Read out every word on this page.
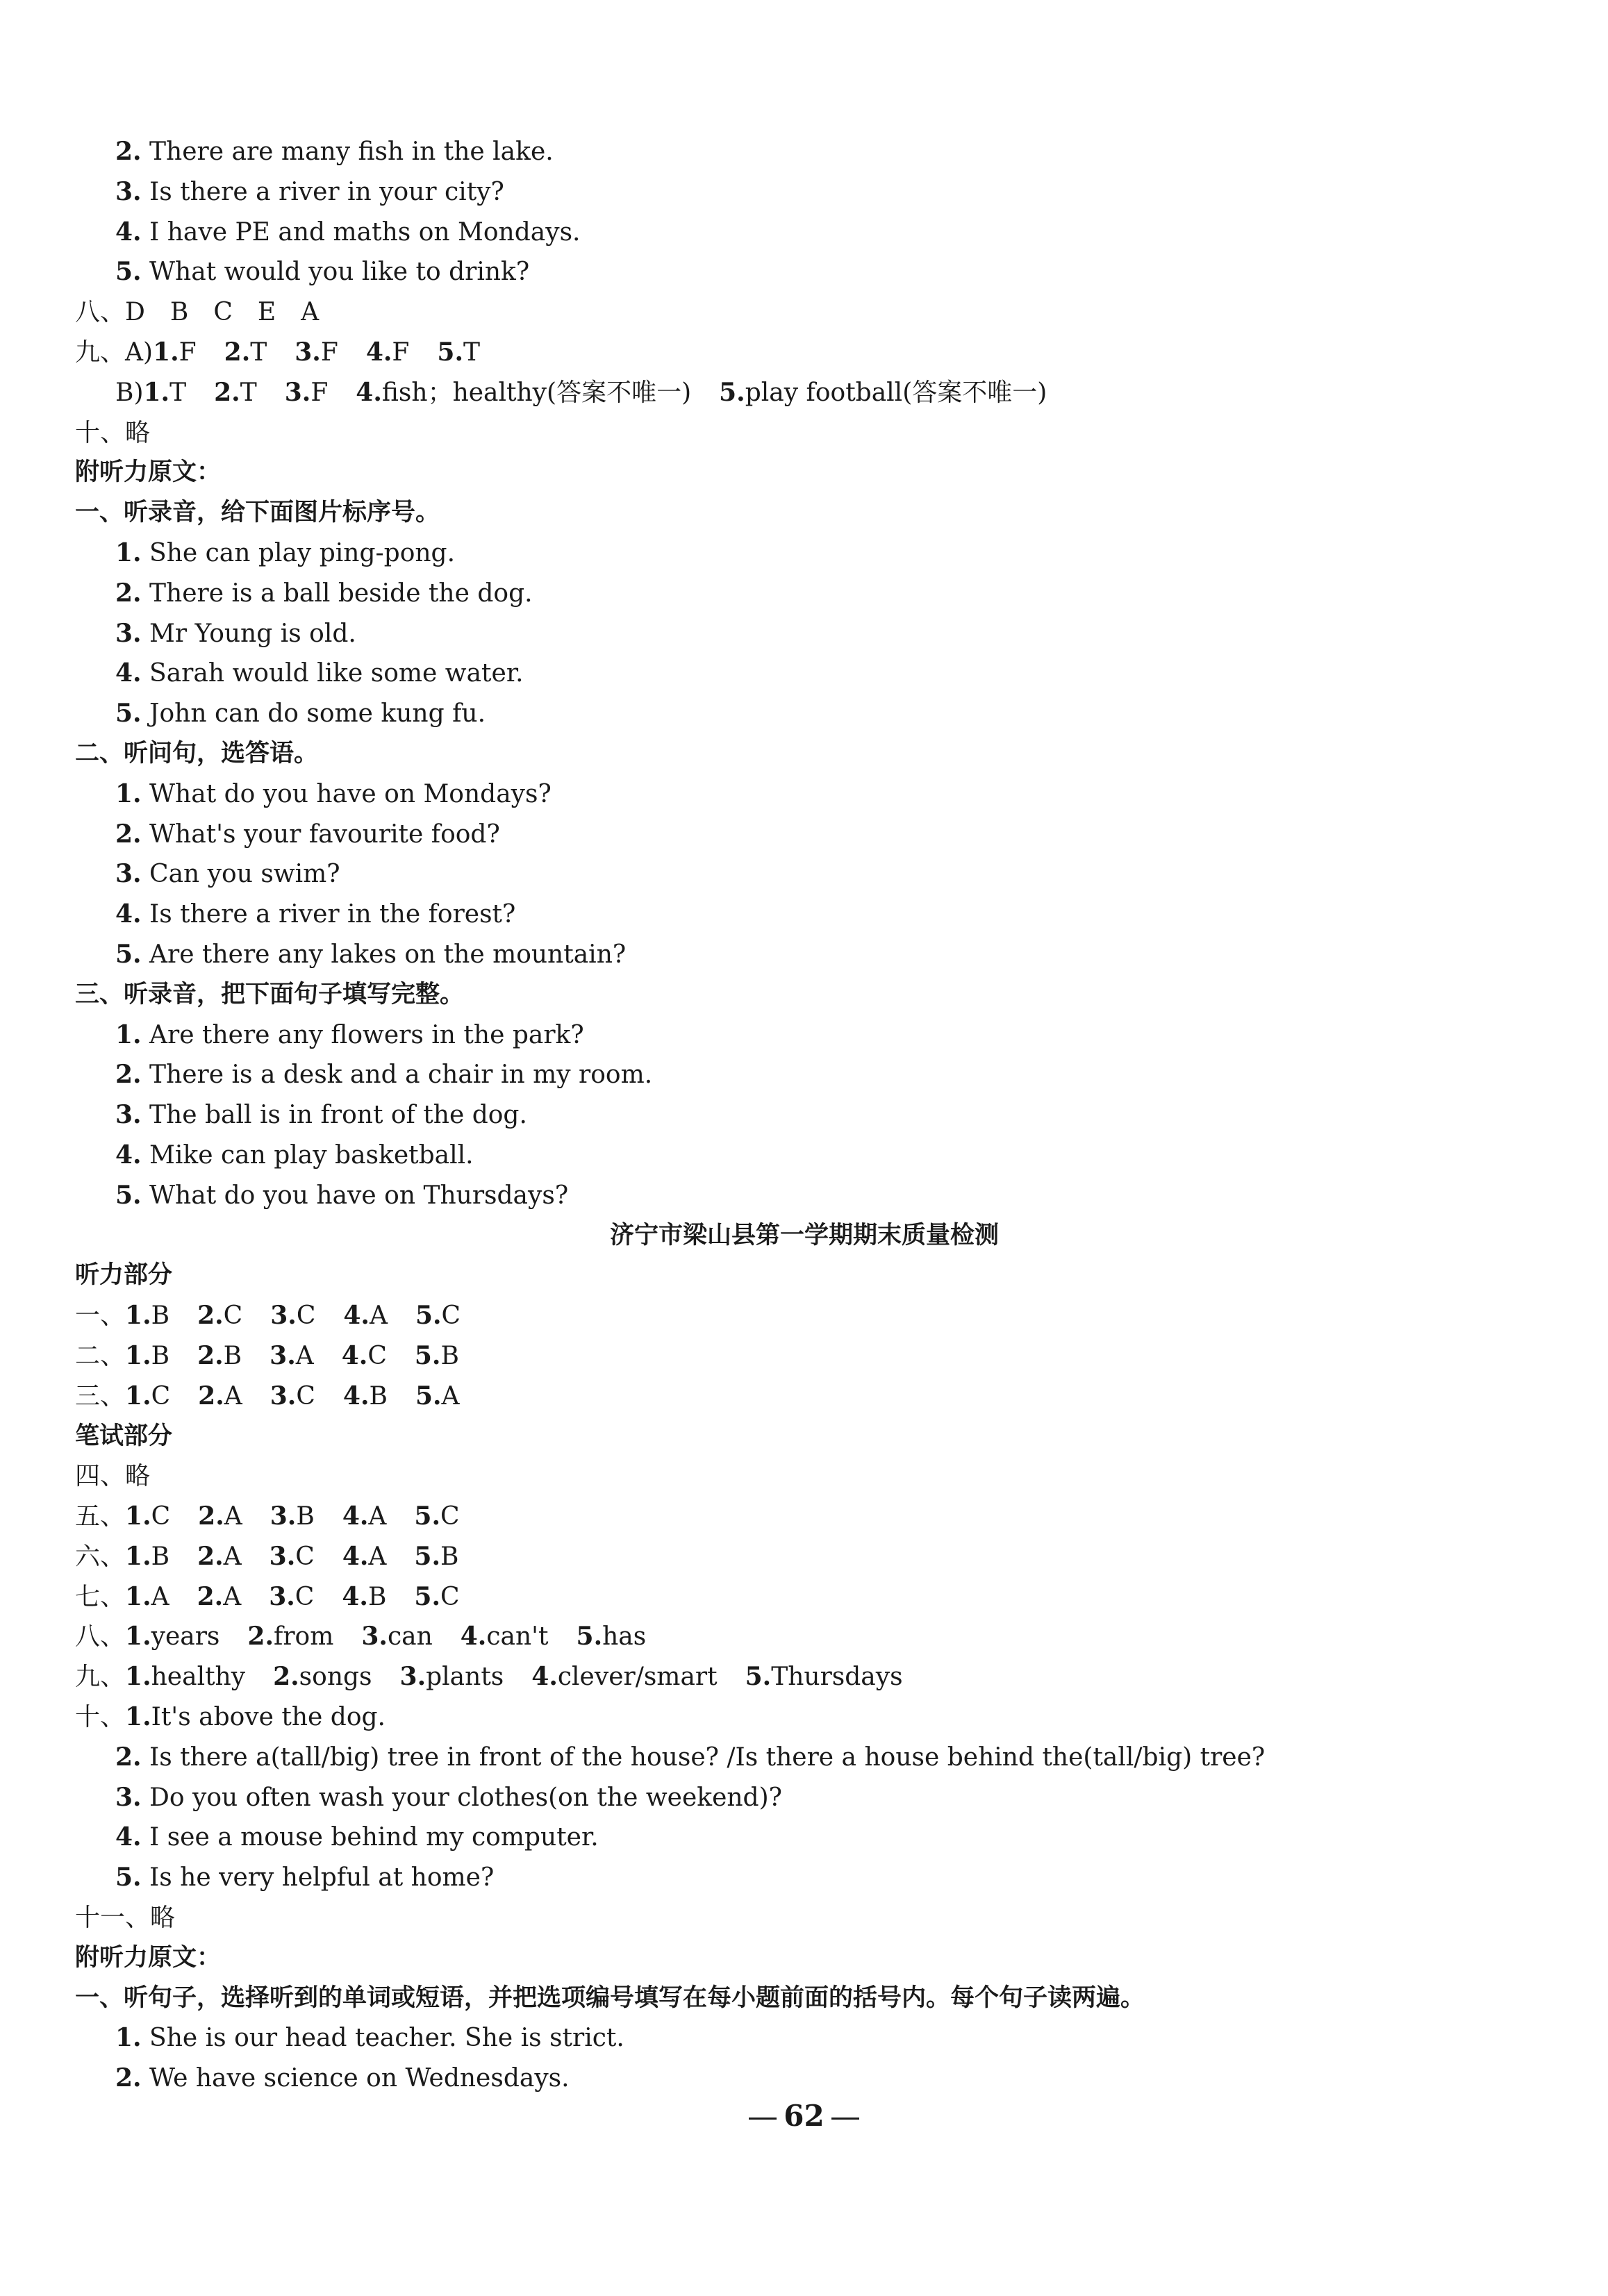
2. There are many fish in the lake.
3. Is there a river in your city?
4. I have PE and maths on Mondays.
5. What would you like to drink?
八、D　B　C　E　A
九、A)1.F 2.T 3.F 4.F 5.T
B)1.T 2.T 3.F 4.fish；healthy(答案不唯一) 5.play football(答案不唯一)
十、略
附听力原文：
一、听录音，给下面图片标序号。
1. She can play ping-pong.
2. There is a ball beside the dog.
3. Mr Young is old.
4. Sarah would like some water.
5. John can do some kung fu.
二、听问句，选答语。
1. What do you have on Mondays?
2. What's your favourite food?
3. Can you swim?
4. Is there a river in the forest?
5. Are there any lakes on the mountain?
三、听录音，把下面句子填写完整。
1. Are there any flowers in the park?
2. There is a desk and a chair in my room.
3. The ball is in front of the dog.
4. Mike can play basketball.
5. What do you have on Thursdays?
济宁市梁山县第一学期期末质量检测
听力部分
一、1.B 2.C 3.C 4.A 5.C
二、1.B 2.B 3.A 4.C 5.B
三、1.C 2.A 3.C 4.B 5.A
笔试部分
四、略
五、1.C 2.A 3.B 4.A 5.C
六、1.B 2.A 3.C 4.A 5.B
七、1.A 2.A 3.C 4.B 5.C
八、1.years 2.from 3.can 4.can't 5.has
九、1.healthy 2.songs 3.plants 4.clever/smart 5.Thursdays
十、1.It's above the dog.
2. Is there a(tall/big) tree in front of the house? /Is there a house behind the(tall/big) tree?
3. Do you often wash your clothes(on the weekend)?
4. I see a mouse behind my computer.
5. Is he very helpful at home?
十一、略
附听力原文：
一、听句子，选择听到的单词或短语，并把选项编号填写在每小题前面的括号内。每个句子读两遍。
1. She is our head teacher. She is strict.
2. We have science on Wednesdays.
62
